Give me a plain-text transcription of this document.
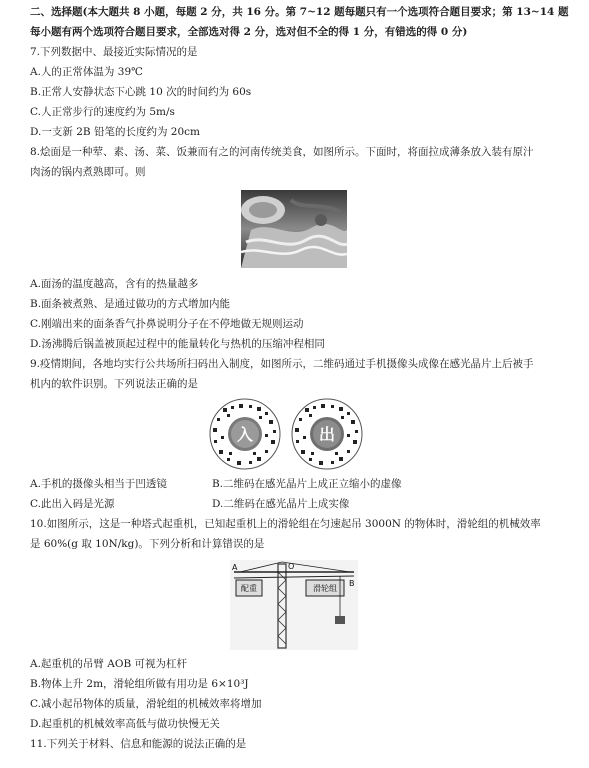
二、选择题(本大题共 8 小题，每题 2 分，共 16 分。第 7~12 题每题只有一个选项符合题目要求；第 13~14 题
每小题有两个选项符合题目要求，全部选对得 2 分，选对但不全的得 1 分，有错选的得 0 分)
7.下列数据中、最接近实际情况的是
A.人的正常体温为 39℃
B.正常人安静状态下心跳 10 次的时间约为 60s
C.人正常步行的速度约为 5m/s
D.一支新 2B 铅笔的长度约为 20cm
8.烩面是一种荤、素、汤、菜、饭兼而有之的河南传统美食，如图所示。下面时，将面拉成薄条放入装有原汁
肉汤的锅内煮熟即可。则
A.面汤的温度越高，含有的热量越多
B.面条被煮熟、是通过做功的方式增加内能
C.刚端出来的面条香气扑鼻说明分子在不停地做无规则运动
D.汤沸腾后锅盖被顶起过程中的能量转化与热机的压缩冲程相同
9.疫情期间，各地均实行公共场所扫码出入制度，如图所示，二维码通过手机摄像头成像在感光晶片上后被手
机内的软件识别。下列说法正确的是
入	出
A.手机的摄像头相当于凹透镜	B.二维码在感光晶片上成正立缩小的虚像
C.此出入码是光源	D.二维码在感光晶片上成实像
10.如图所示，这是一种塔式起重机，已知起重机上的滑轮组在匀速起吊 3000N 的物体时，滑轮组的机械效率
是 60%(g 取 10N/kg)。下列分析和计算错误的是
A	O
B
配重	滑轮组
A.起重机的吊臂 AOB 可视为杠杆
B.物体上升 2m，滑轮组所做有用功是 6×10³J
C.减小起吊物体的质量，滑轮组的机械效率将增加
D.起重机的机械效率高低与做功快慢无关
11.下列关于材料、信息和能源的说法正确的是
